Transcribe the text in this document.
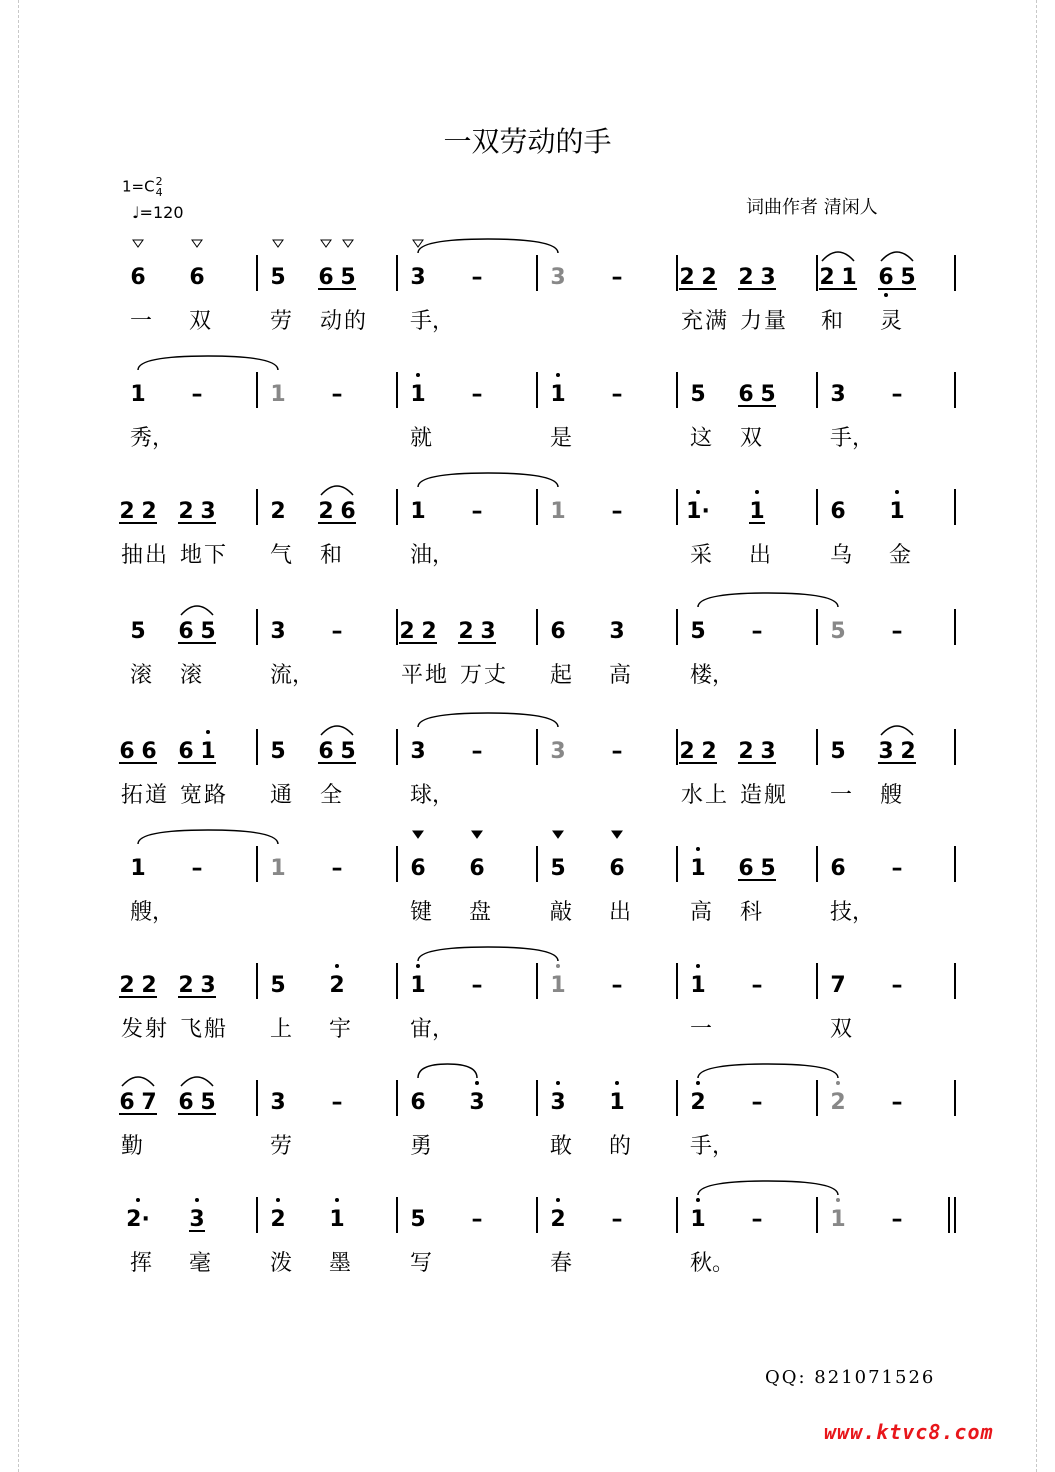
一双劳动的手
1=C2
4
♩=120	词曲作者 清闲人
6
一
6
双
5
劳
6 5
动的
3
手，
–	3 –	2 2
充满
2 3
力量
2 1
和
6 5
灵
1
秀，
–	1 –	1
就
–	1
是
–	5
这
6 5
双
3
手，
–
2 2
抽出
2 3
地下
2
气
2 6
和
1
油，
–	1 –	1·
采
1
出
6
乌
1
金
5
滚
6 5
滚
3
流，
–	2 2
平地
2 3
万丈
6
起
3
高
5
楼，
–	5 –
6 6
拓道
6 1
宽路
5
通
6 5
全
3
球，
–	3 –	2 2
水上
2 3
造舰
5
一
3 2
艘
1
艘，
–	1 –	6
键
6
盘
5
敲
6
出
1
高
6 5
科
6
技，
–
2 2
发射
2 3
飞船
5
上
2
宇
1
宙，
–	1 –	1
一
–	7
双
–
6 7
勤
6 5 3
劳
–	6
勇
3	3
敢
1
的
2
手，
–	2 –
2·
挥
3
毫
2
泼
1
墨
5
写
–	2
春
–	1
秋。
–	1 –
QQ: 821071526
www.ktvc8.com
